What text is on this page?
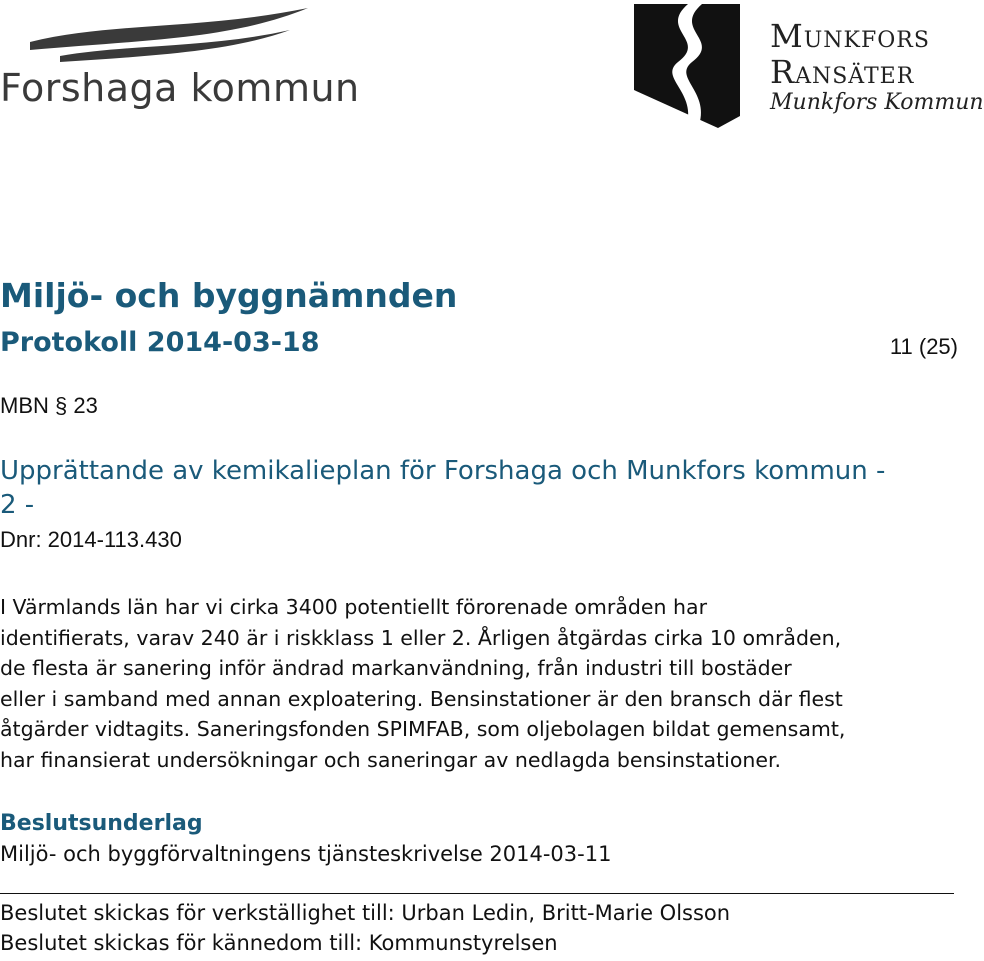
Forshaga kommun
Munkfors
Ransäter
Munkfors Kommun
Miljö- och byggnämnden
Protokoll 2014-03-18	11 (25)
MBN § 23
Upprättande av kemikalieplan för Forshaga och Munkfors kommun - 2 -
Dnr: 2014-113.430

I Värmlands län har vi cirka 3400 potentiellt förorenade områden har
identifierats, varav 240 är i riskklass 1 eller 2. Årligen åtgärdas cirka 10 områden,
de flesta är sanering inför ändrad markanvändning, från industri till bostäder
eller i samband med annan exploatering. Bensinstationer är den bransch där flest
åtgärder vidtagits. Saneringsfonden SPIMFAB, som oljebolagen bildat gemensamt,
har finansierat undersökningar och saneringar av nedlagda bensinstationer.

Beslutsunderlag
Miljö- och byggförvaltningens tjänsteskrivelse 2014-03-11
Beslutet skickas för verkställighet till: Urban Ledin, Britt-Marie Olsson
Beslutet skickas för kännedom till: Kommunstyrelsen
